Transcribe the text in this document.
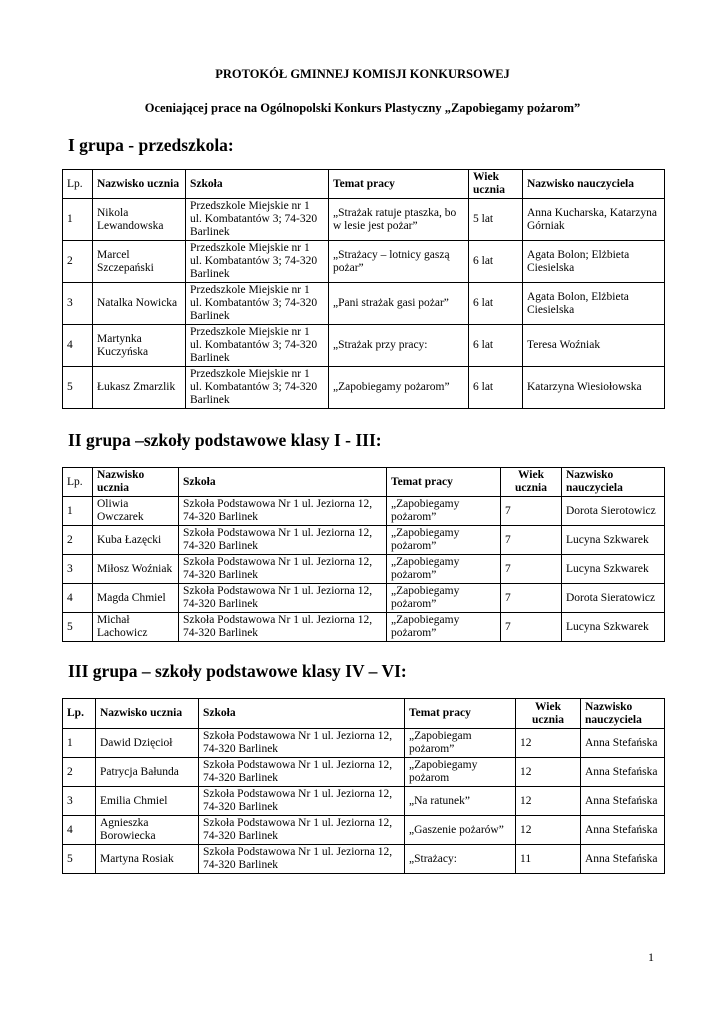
PROTOKÓŁ GMINNEJ KOMISJI KONKURSOWEJ
Oceniającej prace na Ogólnopolski Konkurs Plastyczny „Zapobiegamy pożarom”
I grupa - przedszkola:
Lp.	Nazwisko ucznia	Szkoła	Temat pracy	Wiek ucznia	Nazwisko nauczyciela
1	Nikola Lewandowska	Przedszkole Miejskie nr 1 ul. Kombatantów 3; 74-320 Barlinek	„Strażak ratuje ptaszka, bo w lesie jest pożar”	5 lat	Anna Kucharska, Katarzyna Górniak
2	Marcel Szczepański	Przedszkole Miejskie nr 1 ul. Kombatantów 3; 74-320 Barlinek	„Strażacy – lotnicy gaszą pożar”	6 lat	Agata Bolon; Elżbieta Ciesielska
3	Natalka Nowicka	Przedszkole Miejskie nr 1 ul. Kombatantów 3; 74-320 Barlinek	„Pani strażak gasi pożar”	6 lat	Agata Bolon, Elżbieta Ciesielska
4	Martynka Kuczyńska	Przedszkole Miejskie nr 1 ul. Kombatantów 3; 74-320 Barlinek	„Strażak przy pracy:	6 lat	Teresa Woźniak
5	Łukasz Zmarzlik	Przedszkole Miejskie nr 1 ul. Kombatantów 3; 74-320 Barlinek	„Zapobiegamy pożarom”	6 lat	Katarzyna Wiesiołowska
II grupa –szkoły podstawowe klasy I - III:
Lp.	Nazwisko ucznia	Szkoła	Temat pracy	Wiek ucznia	Nazwisko nauczyciela
1	Oliwia Owczarek	Szkoła Podstawowa Nr 1 ul. Jeziorna 12, 74-320 Barlinek	„Zapobiegamy pożarom”	7	Dorota Sierotowicz
2	Kuba Łazęcki	Szkoła Podstawowa Nr 1 ul. Jeziorna 12, 74-320 Barlinek	„Zapobiegamy pożarom”	7	Lucyna Szkwarek
3	Miłosz Woźniak	Szkoła Podstawowa Nr 1 ul. Jeziorna 12, 74-320 Barlinek	„Zapobiegamy pożarom”	7	Lucyna Szkwarek
4	Magda Chmiel	Szkoła Podstawowa Nr 1 ul. Jeziorna 12, 74-320 Barlinek	„Zapobiegamy pożarom”	7	Dorota Sieratowicz
5	Michał Lachowicz	Szkoła Podstawowa Nr 1 ul. Jeziorna 12, 74-320 Barlinek	„Zapobiegamy pożarom”	7	Lucyna Szkwarek
III grupa – szkoły podstawowe klasy IV – VI:
Lp.	Nazwisko ucznia	Szkoła	Temat pracy	Wiek ucznia	Nazwisko nauczyciela
1	Dawid Dzięcioł	Szkoła Podstawowa Nr 1 ul. Jeziorna 12, 74-320 Barlinek	„Zapobiegam pożarom”	12	Anna Stefańska
2	Patrycja Bałunda	Szkoła Podstawowa Nr 1 ul. Jeziorna 12, 74-320 Barlinek	„Zapobiegamy pożarom	12	Anna Stefańska
3	Emilia Chmiel	Szkoła Podstawowa Nr 1 ul. Jeziorna 12, 74-320 Barlinek	„Na ratunek”	12	Anna Stefańska
4	Agnieszka Borowiecka	Szkoła Podstawowa Nr 1 ul. Jeziorna 12, 74-320 Barlinek	„Gaszenie pożarów”	12	Anna Stefańska
5	Martyna Rosiak	Szkoła Podstawowa Nr 1 ul. Jeziorna 12, 74-320 Barlinek	„Strażacy:	11	Anna Stefańska
1
